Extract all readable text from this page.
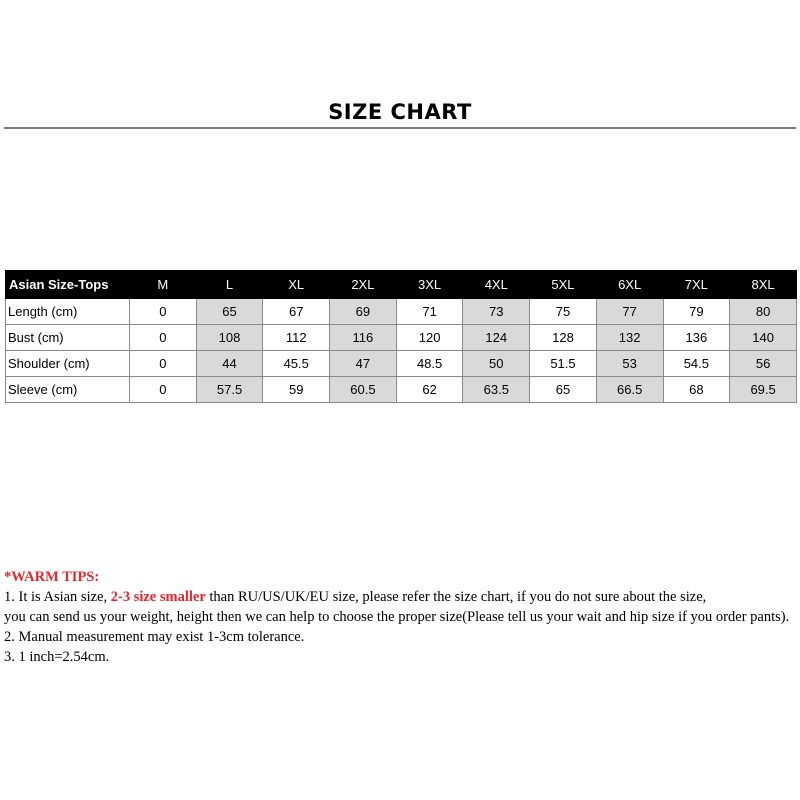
SIZE CHART
Asian Size-Tops	M	L	XL	2XL	3XL	4XL	5XL	6XL	7XL	8XL
Length (cm)	0	65	67	69	71	73	75	77	79	80
Bust (cm)	0	108	112	116	120	124	128	132	136	140
Shoulder (cm)	0	44	45.5	47	48.5	50	51.5	53	54.5	56
Sleeve (cm)	0	57.5	59	60.5	62	63.5	65	66.5	68	69.5

*WARM TIPS:

1. It is Asian size, 2-3 size smaller than RU/US/UK/EU size, please refer the size chart, if you do not sure about the size,

you can send us your weight, height then we can help to choose the proper size(Please tell us your wait and hip size if you order pants).

2. Manual measurement may exist 1-3cm tolerance.

3. 1 inch=2.54cm.
